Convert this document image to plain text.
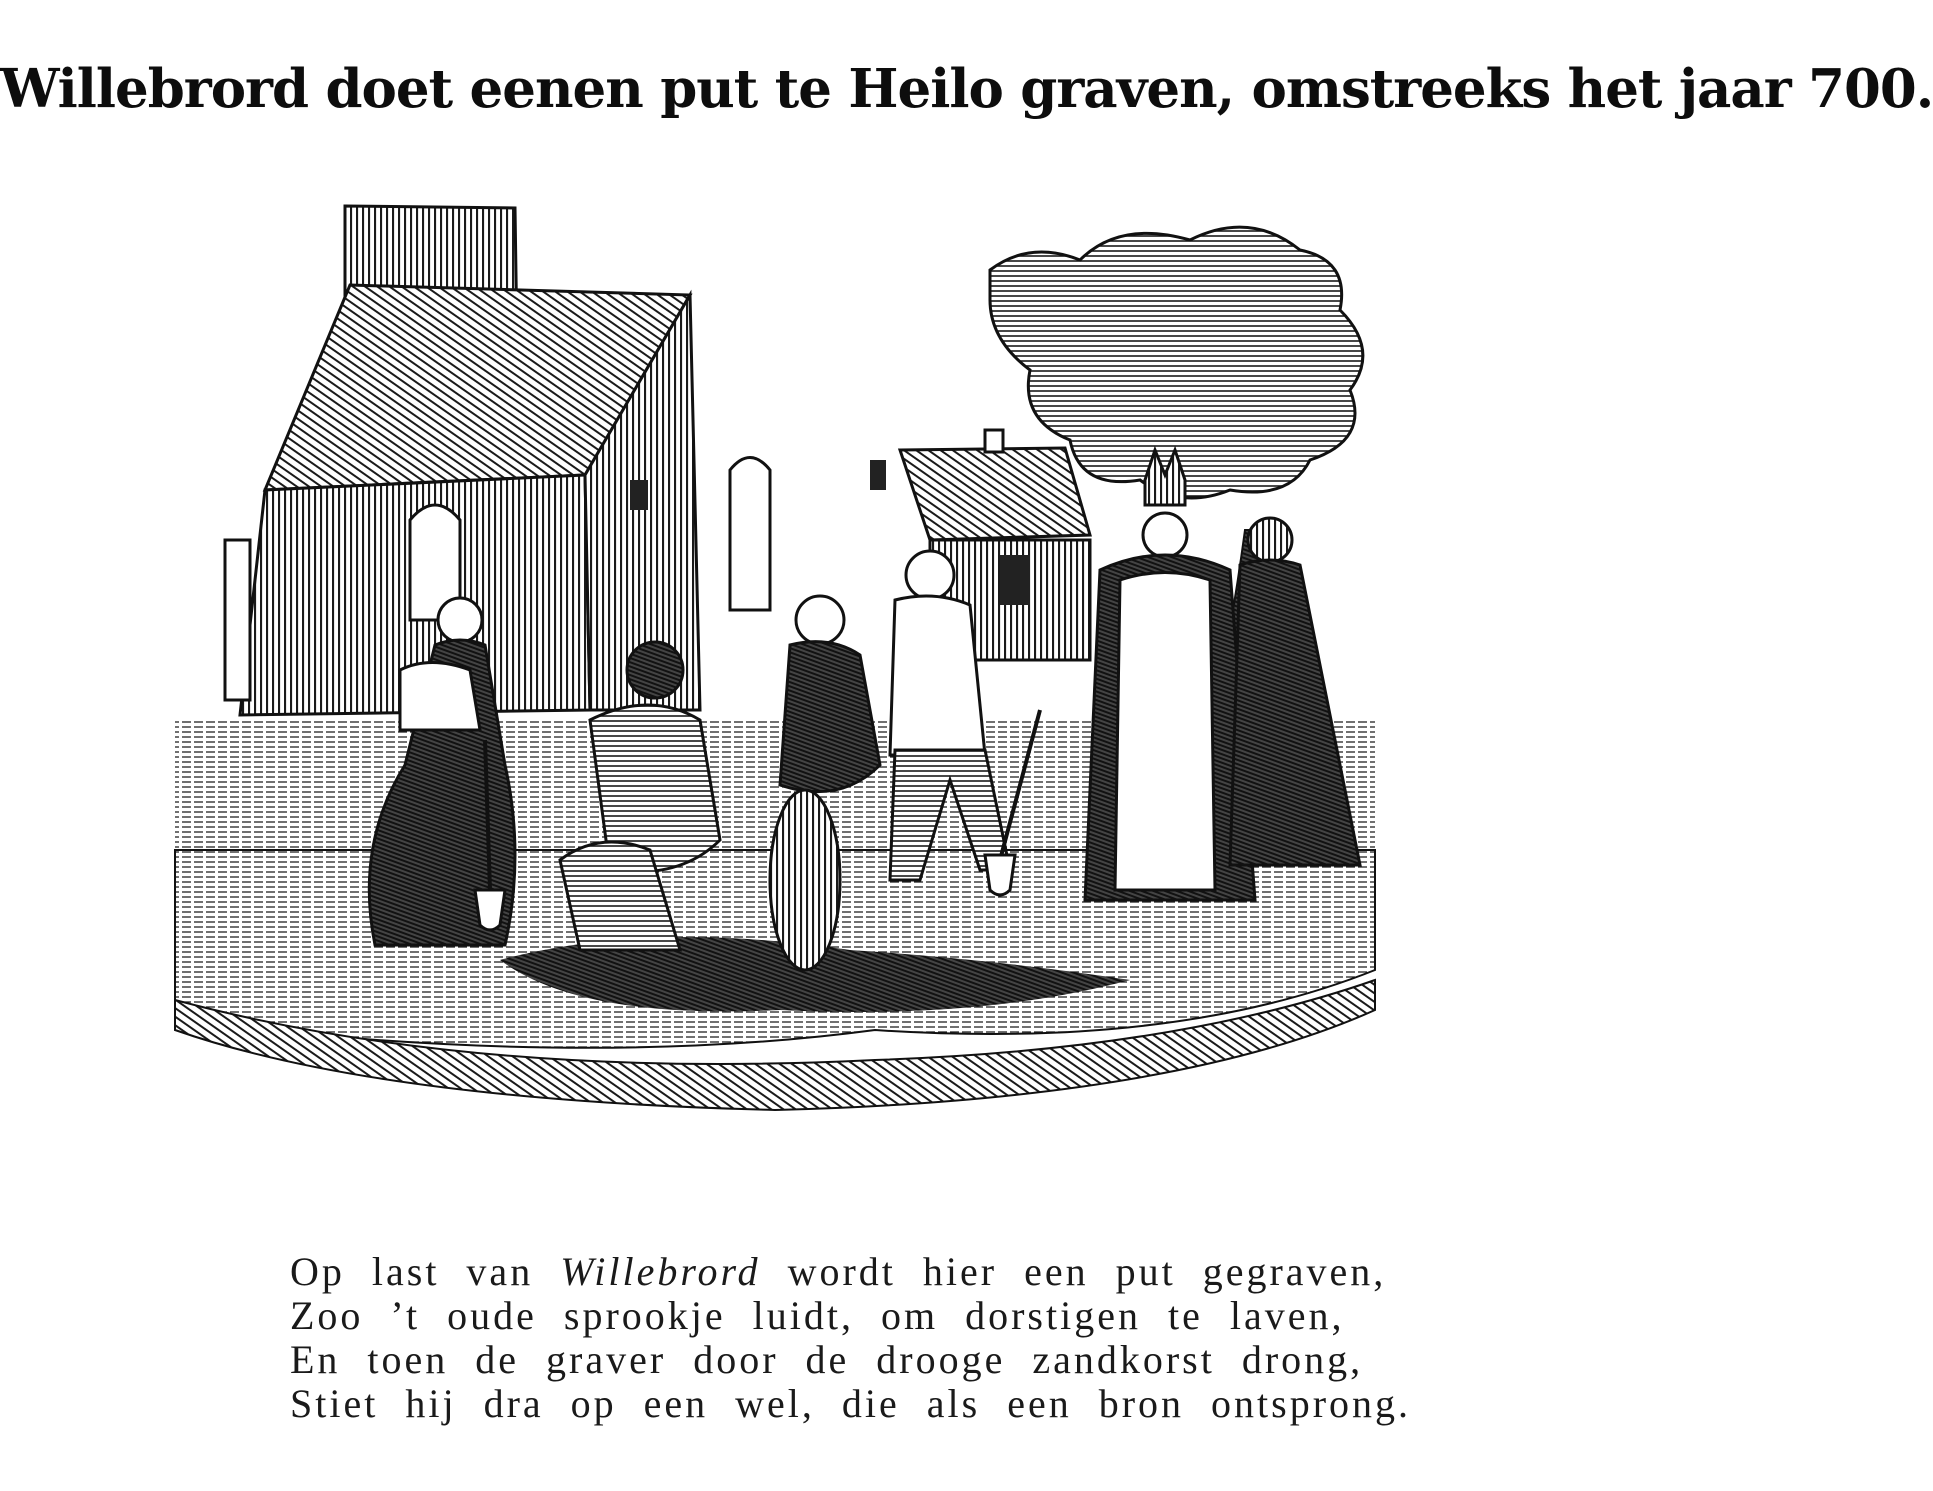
Willebrord doet eenen put te Heilo graven, omstreeks het jaar 700.
Op last van Willebrord wordt hier een put gegraven,
Zoo ’t oude sprookje luidt, om dorstigen te laven,
En toen de graver door de drooge zandkorst drong,
Stiet hij dra op een wel, die als een bron ontsprong.
